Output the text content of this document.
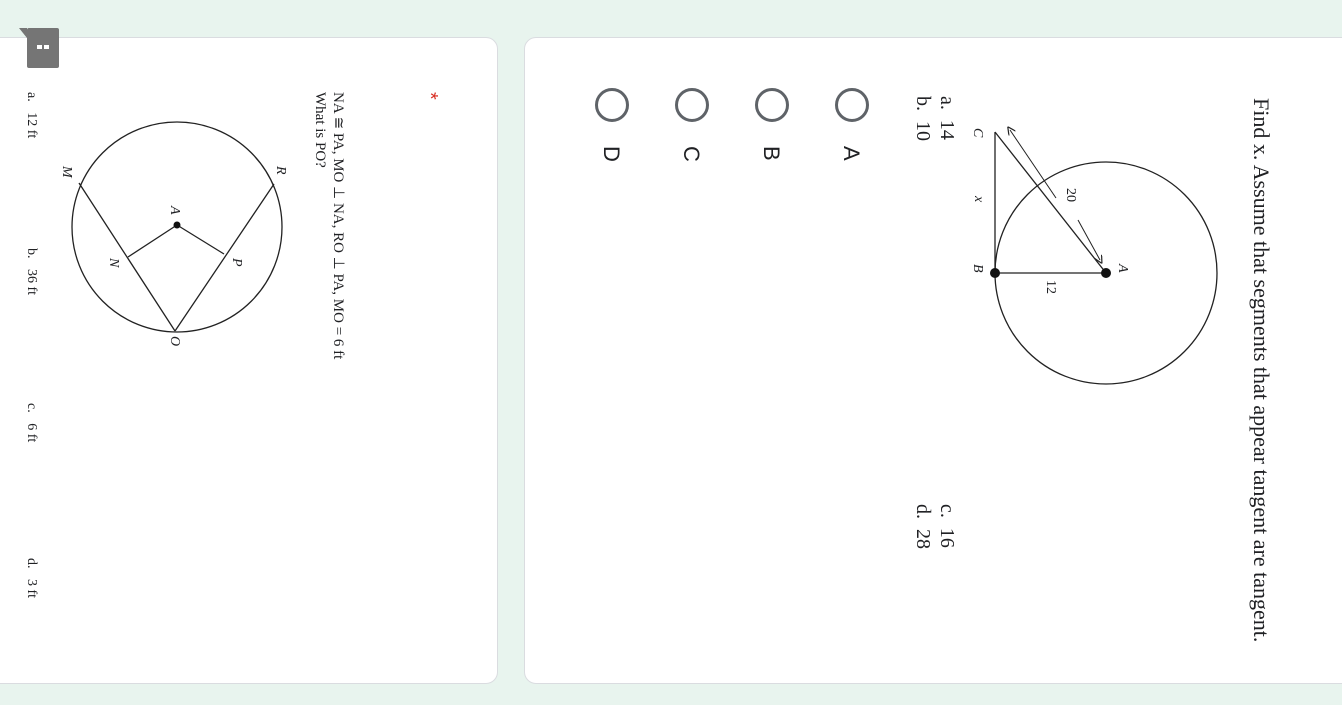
*
NA ≅ PA, MO ⊥ NA, RO ⊥ PA, MO = 6 ft
What is PO?
M	R
A
N	P
O
a.   12 ft
b.   36 ft
c.   6 ft
d.   3 ft	Find x. Assume that segments that appear tangent are tangent.
C
x
B
20
12
A
a.  14
b.  10
c.  16
d.  28
A
B
C
D
